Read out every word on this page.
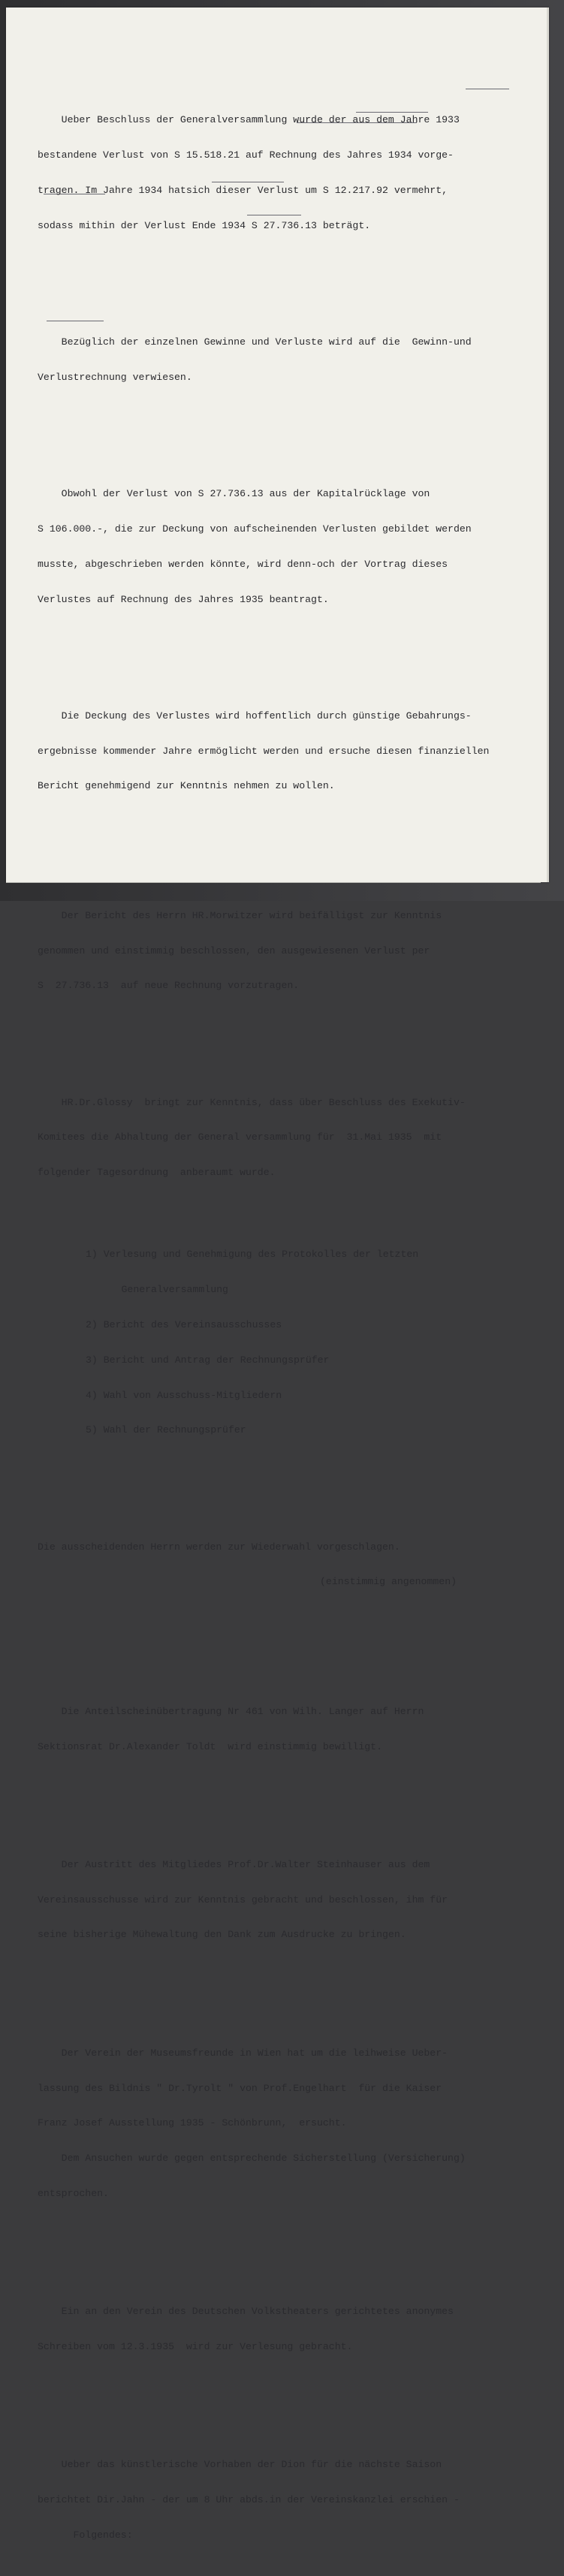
Ueber Beschluss der Generalversammlung wurde der aus dem Jahre 1933

bestandene Verlust von S 15.518.21 auf Rechnung des Jahres 1934 vorge-

tragen. Im Jahre 1934 hatsich dieser Verlust um S 12.217.92 vermehrt,

sodass mithin der Verlust Ende 1934 S 27.736.13 beträgt.

Bezüglich der einzelnen Gewinne und Verluste wird auf die  Gewinn-und

Verlustrechnung verwiesen.

Obwohl der Verlust von S 27.736.13 aus der Kapitalrücklage von

S 106.000.-, die zur Deckung von aufscheinenden Verlusten gebildet werden

musste, abgeschrieben werden könnte, wird denn-och der Vortrag dieses

Verlustes auf Rechnung des Jahres 1935 beantragt.

Die Deckung des Verlustes wird hoffentlich durch günstige Gebahrungs-

ergebnisse kommender Jahre ermöglicht werden und ersuche diesen finanziellen

Bericht genehmigend zur Kenntnis nehmen zu wollen.

Der Bericht des Herrn HR.Morwitzer wird beifälligst zur Kenntnis

genommen und einstimmig beschlossen, den ausgewiesenen Verlust per

S  27.736.13  auf neue Rechnung vorzutragen.

HR.Dr.Glossy  bringt zur Kenntnis, dass über Beschluss des Exekutiv-

Komitees die Abhaltung der General versammlung für  31.Mai 1935  mit

folgender Tagesordnung  anberaumt wurde.

1) Verlesung und Genehmigung des Protokolles der letzten

Generalversammlung

2) Bericht des Vereinsausschusses

3) Bericht und Antrag der Rechnungsprüfer

4) Wahl von Ausschuss-Mitgliedern

5) Wahl der Rechnungsprüfer

Die ausscheidenden Herrn werden zur Wiederwahl vorgeschlagen.

(einstimmig angenommen)

Die Anteilscheinübertragung Nr 461 von Wilh. Langer auf Herrn

Sektionsrat Dr.Alexander Toldt  wird einstimmig bewilligt.

Der Austritt des Mitgliedes Prof.Dr.Walter Steinhauser aus dem

Vereinsausschusse wird zur Kenntnis gebracht und beschlossen, ihm für

seine bisherige Mühewaltung den Dank zum Ausdrucke zu bringen.

Der Verein der Museumsfreunde in Wien hat um die leihweise Ueber-

lassung des Bildnis " Dr.Tyrolt " von Prof.Engelhart  für die Kaiser

Franz Josef Ausstellung 1935 - Schönbrunn,  ersucht.

Dem Ansuchen wurde gegen entsprechende Sicherstellung (Versicherung)

entsprochen.

Ein an den Verein des Deutschen Volkstheaters gerichtetes anonymes

Schreiben vom 12.3.1935  wird zur Verlesung gebracht.

Ueber das künstlerische Vorhaben der Dion für die nächste Saison

berichtet Dir.Jahn - der um 8 Uhr abds.in der Vereinskanzlei erschien -

Folgendes:
